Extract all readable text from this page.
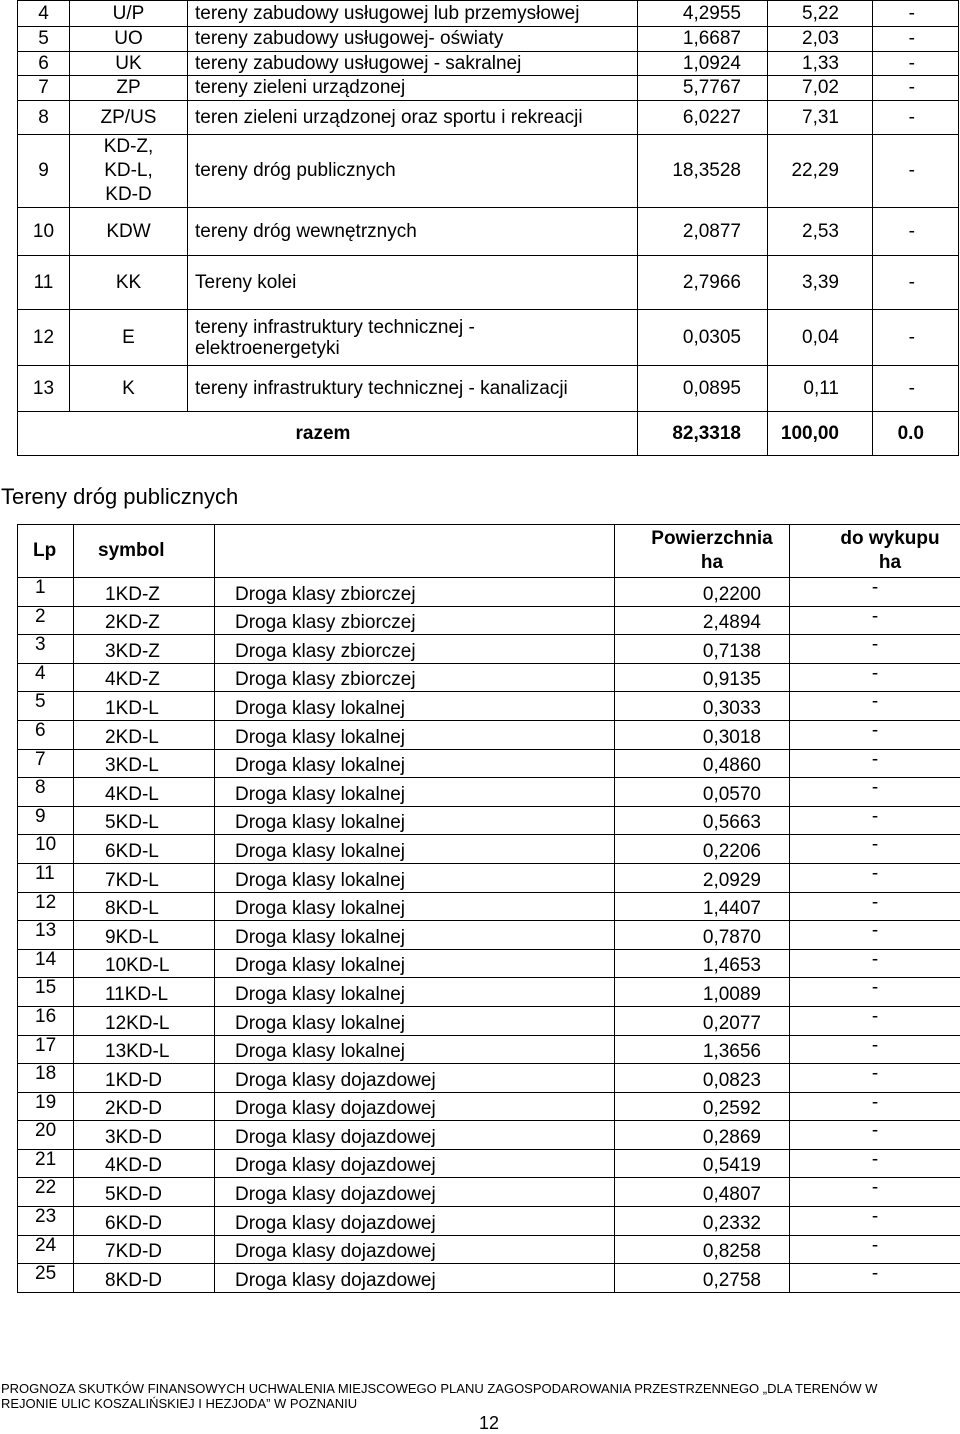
4	U/P	tereny zabudowy usługowej lub przemysłowej	4,2955	5,22	-
5	UO	tereny zabudowy usługowej- oświaty	1,6687	2,03	-
6	UK	tereny zabudowy usługowej - sakralnej	1,0924	1,33	-
7	ZP	tereny zieleni urządzonej	5,7767	7,02	-
8	ZP/US	teren zieleni urządzonej oraz sportu i rekreacji	6,0227	7,31	-
9	KD-Z,
KD-L,
KD-D	tereny dróg publicznych	18,3528	22,29	-
10	KDW	tereny dróg wewnętrznych	2,0877	2,53	-
11	KK	Tereny kolei	2,7966	3,39	-
12	E	tereny infrastruktury technicznej -
elektroenergetyki	0,0305	0,04	-
13	K	tereny infrastruktury technicznej - kanalizacji	0,0895	0,11	-
		razem	82,3318	100,00	0.0
Tereny dróg publicznych
Lp	symbol		Powierzchnia
ha	do wykupu
ha
1	1KD-Z	Droga klasy zbiorczej	0,2200	-
2	2KD-Z	Droga klasy zbiorczej	2,4894	-
3	3KD-Z	Droga klasy zbiorczej	0,7138	-
4	4KD-Z	Droga klasy zbiorczej	0,9135	-
5	1KD-L	Droga klasy lokalnej	0,3033	-
6	2KD-L	Droga klasy lokalnej	0,3018	-
7	3KD-L	Droga klasy lokalnej	0,4860	-
8	4KD-L	Droga klasy lokalnej	0,0570	-
9	5KD-L	Droga klasy lokalnej	0,5663	-
10	6KD-L	Droga klasy lokalnej	0,2206	-
11	7KD-L	Droga klasy lokalnej	2,0929	-
12	8KD-L	Droga klasy lokalnej	1,4407	-
13	9KD-L	Droga klasy lokalnej	0,7870	-
14	10KD-L	Droga klasy lokalnej	1,4653	-
15	11KD-L	Droga klasy lokalnej	1,0089	-
16	12KD-L	Droga klasy lokalnej	0,2077	-
17	13KD-L	Droga klasy lokalnej	1,3656	-
18	1KD-D	Droga klasy dojazdowej	0,0823	-
19	2KD-D	Droga klasy dojazdowej	0,2592	-
20	3KD-D	Droga klasy dojazdowej	0,2869	-
21	4KD-D	Droga klasy dojazdowej	0,5419	-
22	5KD-D	Droga klasy dojazdowej	0,4807	-
23	6KD-D	Droga klasy dojazdowej	0,2332	-
24	7KD-D	Droga klasy dojazdowej	0,8258	-
25	8KD-D	Droga klasy dojazdowej	0,2758	-
PROGNOZA SKUTKÓW FINANSOWYCH UCHWALENIA MIEJSCOWEGO PLANU ZAGOSPODAROWANIA PRZESTRZENNEGO „DLA TERENÓW W
REJONIE ULIC KOSZALIŃSKIEJ I HEZJODA” W POZNANIU
12
